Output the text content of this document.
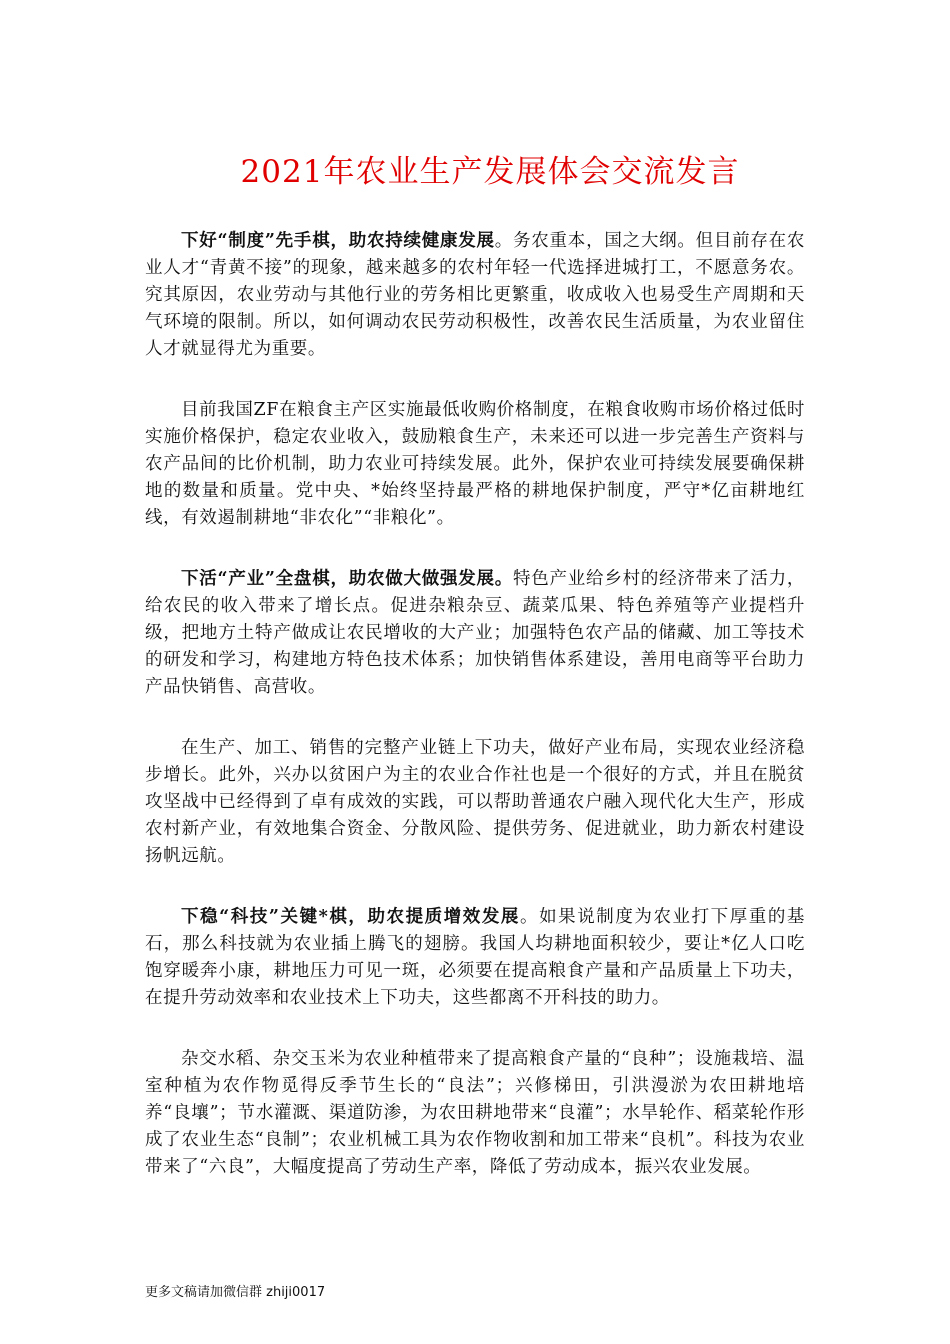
2021年农业生产发展体会交流发言

下好“制度”先手棋，助农持续健康发展。务农重本，国之大纲。但目前存在农业人才“青黄不接”的现象，越来越多的农村年轻一代选择进城打工，不愿意务农。究其原因，农业劳动与其他行业的劳务相比更繁重，收成收入也易受生产周期和天气环境的限制。所以，如何调动农民劳动积极性，改善农民生活质量，为农业留住人才就显得尤为重要。

目前我国ZF在粮食主产区实施最低收购价格制度，在粮食收购市场价格过低时实施价格保护，稳定农业收入，鼓励粮食生产，未来还可以进一步完善生产资料与农产品间的比价机制，助力农业可持续发展。此外，保护农业可持续发展要确保耕地的数量和质量。党中央、*始终坚持最严格的耕地保护制度，严守*亿亩耕地红线，有效遏制耕地“非农化”“非粮化”。

下活“产业”全盘棋，助农做大做强发展。特色产业给乡村的经济带来了活力，给农民的收入带来了增长点。促进杂粮杂豆、蔬菜瓜果、特色养殖等产业提档升级，把地方土特产做成让农民增收的大产业；加强特色农产品的储藏、加工等技术的研发和学习，构建地方特色技术体系；加快销售体系建设，善用电商等平台助力产品快销售、高营收。

在生产、加工、销售的完整产业链上下功夫，做好产业布局，实现农业经济稳步增长。此外，兴办以贫困户为主的农业合作社也是一个很好的方式，并且在脱贫攻坚战中已经得到了卓有成效的实践，可以帮助普通农户融入现代化大生产，形成农村新产业，有效地集合资金、分散风险、提供劳务、促进就业，助力新农村建设扬帆远航。

下稳“科技”关键*棋，助农提质增效发展。如果说制度为农业打下厚重的基石，那么科技就为农业插上腾飞的翅膀。我国人均耕地面积较少，要让*亿人口吃饱穿暖奔小康，耕地压力可见一斑，必须要在提高粮食产量和产品质量上下功夫，在提升劳动效率和农业技术上下功夫，这些都离不开科技的助力。

杂交水稻、杂交玉米为农业种植带来了提高粮食产量的“良种”；设施栽培、温室种植为农作物觅得反季节生长的“良法”；兴修梯田，引洪漫淤为农田耕地培养“良壤”；节水灌溉、渠道防渗，为农田耕地带来“良灌”；水旱轮作、稻菜轮作形成了农业生态“良制”；农业机械工具为农作物收割和加工带来“良机”。科技为农业带来了“六良”，大幅度提高了劳动生产率，降低了劳动成本，振兴农业发展。

更多文稿请加微信群 zhiji0017
